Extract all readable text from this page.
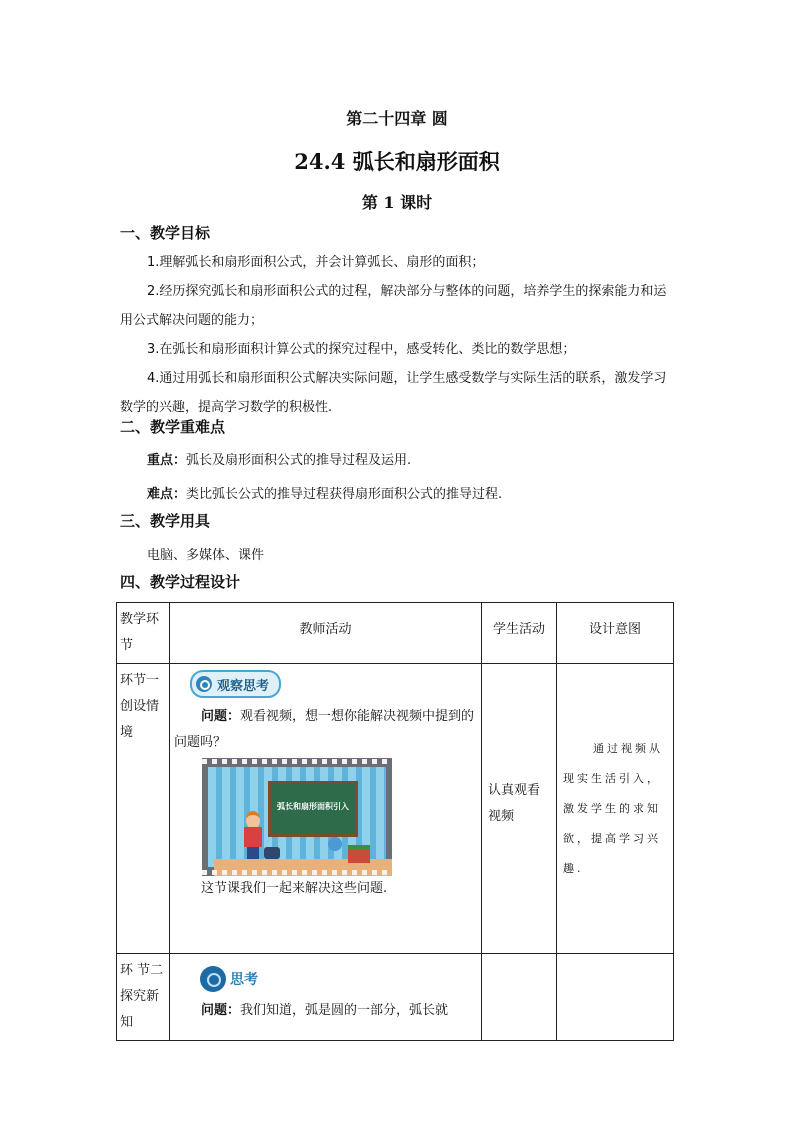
第二十四章 圆
24.4 弧长和扇形面积
第 1 课时
一、教学目标
1.理解弧长和扇形面积公式，并会计算弧长、扇形的面积；
2.经历探究弧长和扇形面积公式的过程，解决部分与整体的问题，培养学生的探索能力和运用公式解决问题的能力；
3.在弧长和扇形面积计算公式的探究过程中，感受转化、类比的数学思想；
4.通过用弧长和扇形面积公式解决实际问题，让学生感受数学与实际生活的联系，激发学习数学的兴趣，提高学习数学的积极性.
二、教学重难点
重点：弧长及扇形面积公式的推导过程及运用.
难点：类比弧长公式的推导过程获得扇形面积公式的推导过程.
三、教学用具
电脑、多媒体、课件
四、教学过程设计
教学环节	教师活动	学生活动	设计意图

环节一创设情境	观察思考
问题：观看视频，想一想你能解决视频中提到的问题吗？
弧长和扇形面积引入
这节课我们一起来解决这些问题.	认真观看视频	通过视频从现实生活引入，激发学生的求知欲，提高学习兴趣.

环 节二 探究新知	思考
问题：我们知道，弧是圆的一部分，弧长就		
